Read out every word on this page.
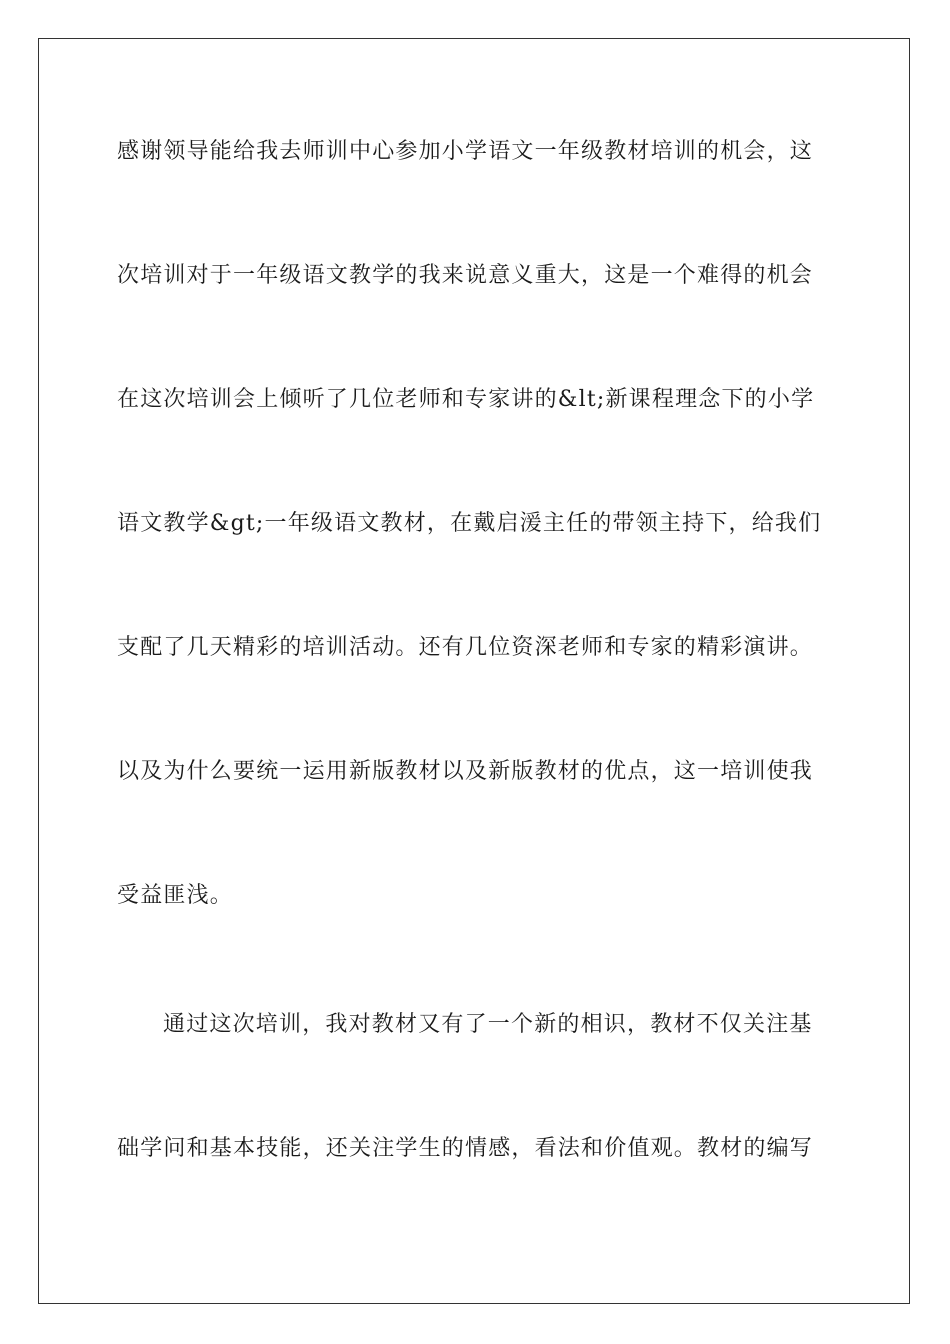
感谢领导能给我去师训中心参加小学语文一年级教材培训的机会，这
次培训对于一年级语文教学的我来说意义重大，这是一个难得的机会
在这次培训会上倾听了几位老师和专家讲的&lt;新课程理念下的小学
语文教学&gt;一年级语文教材，在戴启湲主任的带领主持下，给我们
支配了几天精彩的培训活动。还有几位资深老师和专家的精彩演讲。
以及为什么要统一运用新版教材以及新版教材的优点，这一培训使我
受益匪浅。
通过这次培训，我对教材又有了一个新的相识，教材不仅关注基
础学问和基本技能，还关注学生的情感，看法和价值观。教材的编写
